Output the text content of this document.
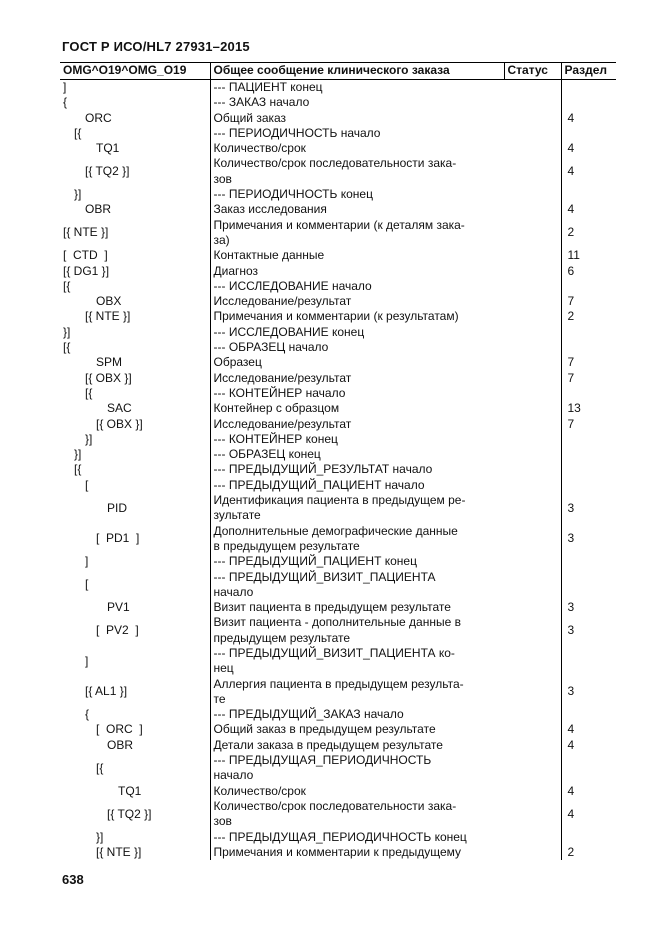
ГОСТ Р ИСО/HL7 27931–2015
OMG^O19^OMG_O19	Общее сообщение клинического заказа	Статус	Раздел
]	--- ПАЦИЕНТ конец		
{	--- ЗАКАЗ начало		
ORC	Общий заказ		4
[{	--- ПЕРИОДИЧНОСТЬ начало		
TQ1	Количество/срок		4
[{ TQ2 }]	Количество/срок последовательности зака-
зов		4
}]	--- ПЕРИОДИЧНОСТЬ конец		
OBR	Заказ исследования		4
[{ NTE }]	Примечания и комментарии (к деталям зака-
за)		2
[  CTD  ]	Контактные данные		11
[{ DG1 }]	Диагноз		6
[{	--- ИССЛЕДОВАНИЕ начало		
OBX	Исследование/результат		7
[{ NTE }]	Примечания и комментарии (к результатам)		2
}]	--- ИССЛЕДОВАНИЕ конец		
[{	--- ОБРАЗЕЦ начало		
SPM	Образец		7
[{ OBX }]	Исследование/результат		7
[{	--- КОНТЕЙНЕР начало		
SAC	Контейнер с образцом		13
[{ OBX }]	Исследование/результат		7
}]	--- КОНТЕЙНЕР конец		
}]	--- ОБРАЗЕЦ конец		
[{	--- ПРЕДЫДУЩИЙ_РЕЗУЛЬТАТ начало		
[	--- ПРЕДЫДУЩИЙ_ПАЦИЕНТ начало		
PID	Идентификация пациента в предыдущем ре-
зультате		3
[  PD1  ]	Дополнительные демографические данные
в предыдущем результате		3
]	--- ПРЕДЫДУЩИЙ_ПАЦИЕНТ конец		
[	--- ПРЕДЫДУЩИЙ_ВИЗИТ_ПАЦИЕНТА
начало		
PV1	Визит пациента в предыдущем результате		3
[  PV2  ]	Визит пациента - дополнительные данные в
предыдущем результате		3
]	--- ПРЕДЫДУЩИЙ_ВИЗИТ_ПАЦИЕНТА ко-
нец		
[{ AL1 }]	Аллергия пациента в предыдущем результа-
те		3
{	--- ПРЕДЫДУЩИЙ_ЗАКАЗ начало		
[  ORC  ]	Общий заказ в предыдущем результате		4
OBR	Детали заказа в предыдущем результате		4
[{	--- ПРЕДЫДУЩАЯ_ПЕРИОДИЧНОСТЬ
начало		
TQ1	Количество/срок		4
[{ TQ2 }]	Количество/срок последовательности зака-
зов		4
}]	--- ПРЕДЫДУЩАЯ_ПЕРИОДИЧНОСТЬ конец		
[{ NTE }]	Примечания и комментарии к предыдущему		2
638
